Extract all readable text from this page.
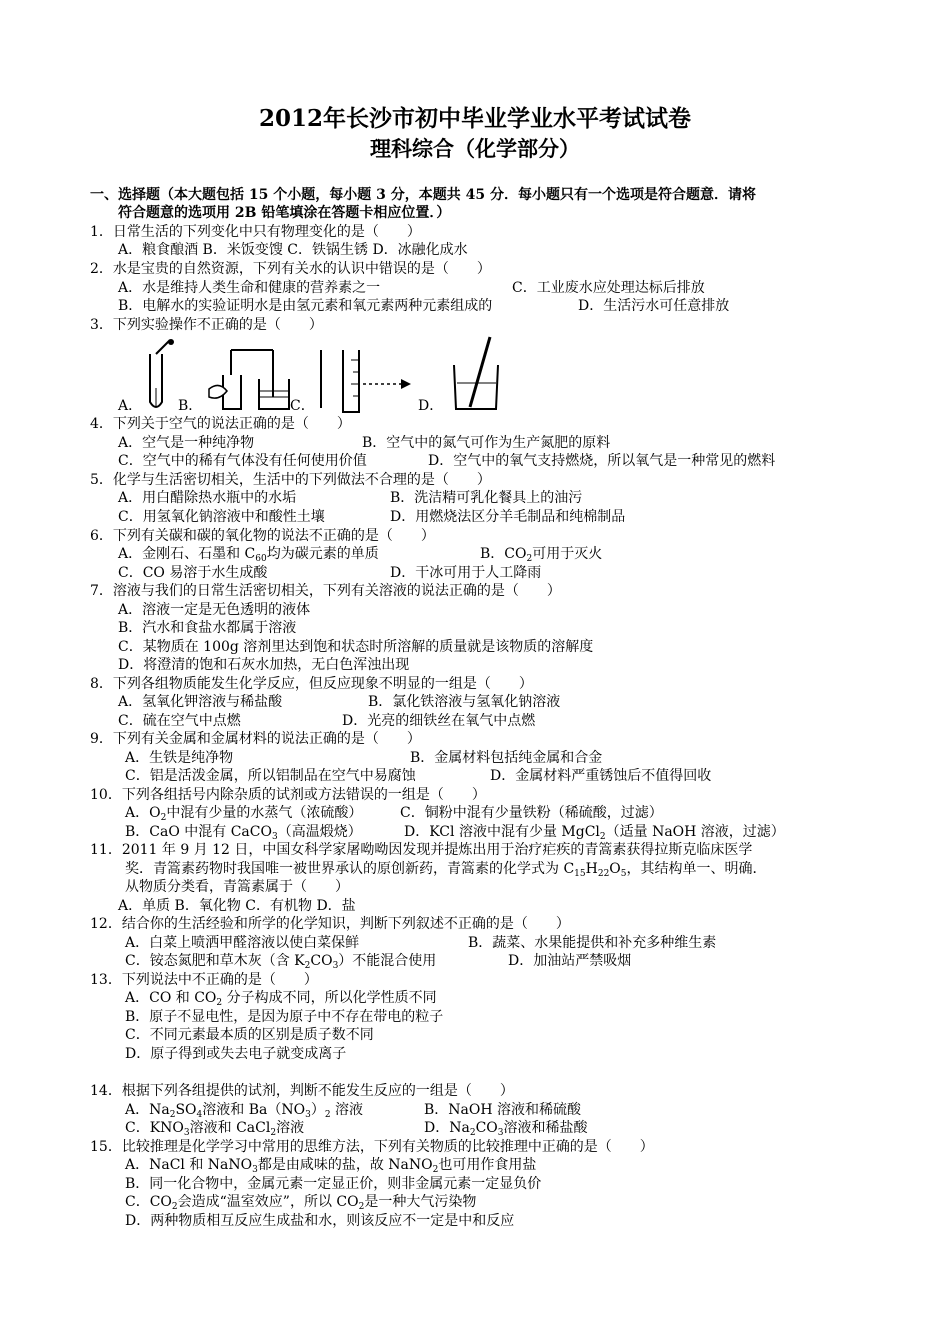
2012年长沙市初中毕业学业水平考试试卷
理科综合（化学部分）
一、选择题（本大题包括 15 个小题，每小题 3 分，本题共 45 分．每小题只有一个选项是符合题意．请将
符合题意的选项用 2B 铅笔填涂在答题卡相应位置．）
1．日常生活的下列变化中只有物理变化的是（　　）
A．粮食酿酒 B．米饭变馊 C．铁锅生锈 D．冰融化成水
2．水是宝贵的自然资源，下列有关水的认识中错误的是（　　）
A．水是维持人类生命和健康的营养素之一	C．工业废水应处理达标后排放
B．电解水的实验证明水是由氢元素和氧元素两种元素组成的	D．生活污水可任意排放
3．下列实验操作不正确的是（　　）
A．	B．	C．	D．
4．下列关于空气的说法正确的是（　　）
A．空气是一种纯净物	B．空气中的氮气可作为生产氮肥的原料
C．空气中的稀有气体没有任何使用价值	D．空气中的氧气支持燃烧，所以氧气是一种常见的燃料
5．化学与生活密切相关，生活中的下列做法不合理的是（　　）
A．用白醋除热水瓶中的水垢	B．洗洁精可乳化餐具上的油污
C．用氢氧化钠溶液中和酸性土壤	D．用燃烧法区分羊毛制品和纯棉制品
6．下列有关碳和碳的氧化物的说法不正确的是（　　）
A．金刚石、石墨和 $C_{60}$均为碳元素的单质	B．$CO_2$可用于灭火
C．CO 易溶于水生成酸	D．干冰可用于人工降雨
7．溶液与我们的日常生活密切相关，下列有关溶液的说法正确的是（　　）
A．溶液一定是无色透明的液体
B．汽水和食盐水都属于溶液
C．某物质在 100g 溶剂里达到饱和状态时所溶解的质量就是该物质的溶解度
D．将澄清的饱和石灰水加热，无白色浑浊出现
8．下列各组物质能发生化学反应，但反应现象不明显的一组是（　　）
A．氢氧化钾溶液与稀盐酸	B．氯化铁溶液与氢氧化钠溶液
C．硫在空气中点燃	D．光亮的细铁丝在氧气中点燃
9．下列有关金属和金属材料的说法正确的是（　　）
A．生铁是纯净物	B．金属材料包括纯金属和合金
C．铝是活泼金属，所以铝制品在空气中易腐蚀	D．金属材料严重锈蚀后不值得回收
10．下列各组括号内除杂质的试剂或方法错误的一组是（　　）
A．$O_2$中混有少量的水蒸气（浓硫酸）	C．铜粉中混有少量铁粉（稀硫酸，过滤）
B．CaO 中混有 CaCO$_3$（高温煅烧）	D．KCl 溶液中混有少量 MgCl$_2$（适量 NaOH 溶液，过滤）
11．2011 年 9 月 12 日，中国女科学家屠呦呦因发现并提炼出用于治疗疟疾的青篙素获得拉斯克临床医学
奖．青篙素药物时我国唯一被世界承认的原创新药，青篙素的化学式为 $C_{15}H_{22}O_5$，其结构单一、明确．
从物质分类看，青篙素属于（　　）
A．单质 B．氧化物 C．有机物 D．盐
12．结合你的生活经验和所学的化学知识，判断下列叙述不正确的是（　　）
A．白菜上喷洒甲醛溶液以使白菜保鲜	B．蔬菜、水果能提供和补充多种维生素
C．铵态氮肥和草木灰（含 $K_2CO_3$）不能混合使用	D．加油站严禁吸烟
13．下列说法中不正确的是（　　）
A．CO 和 $CO_2$ 分子构成不同，所以化学性质不同
B．原子不显电性，是因为原子中不存在带电的粒子
C．不同元素最本质的区别是质子数不同
D．原子得到或失去电子就变成离子
14．根据下列各组提供的试剂，判断不能发生反应的一组是（　　）
A．$Na_2SO_4$溶液和 $Ba(NO_3)_2$ 溶液	B．NaOH 溶液和稀硫酸
C．$KNO_3$溶液和 CaCl$_2$溶液	D．$Na_2CO_3$溶液和稀盐酸
15．比较推理是化学学习中常用的思维方法，下列有关物质的比较推理中正确的是（　　）
A．NaCl 和 NaNO$_3$都是由咸味的盐，故 NaNO$_2$也可用作食用盐
B．同一化合物中，金属元素一定显正价，则非金属元素一定显负价
C．$CO_2$会造成“温室效应”，所以 $CO_2$是一种大气污染物
D．两种物质相互反应生成盐和水，则该反应不一定是中和反应
